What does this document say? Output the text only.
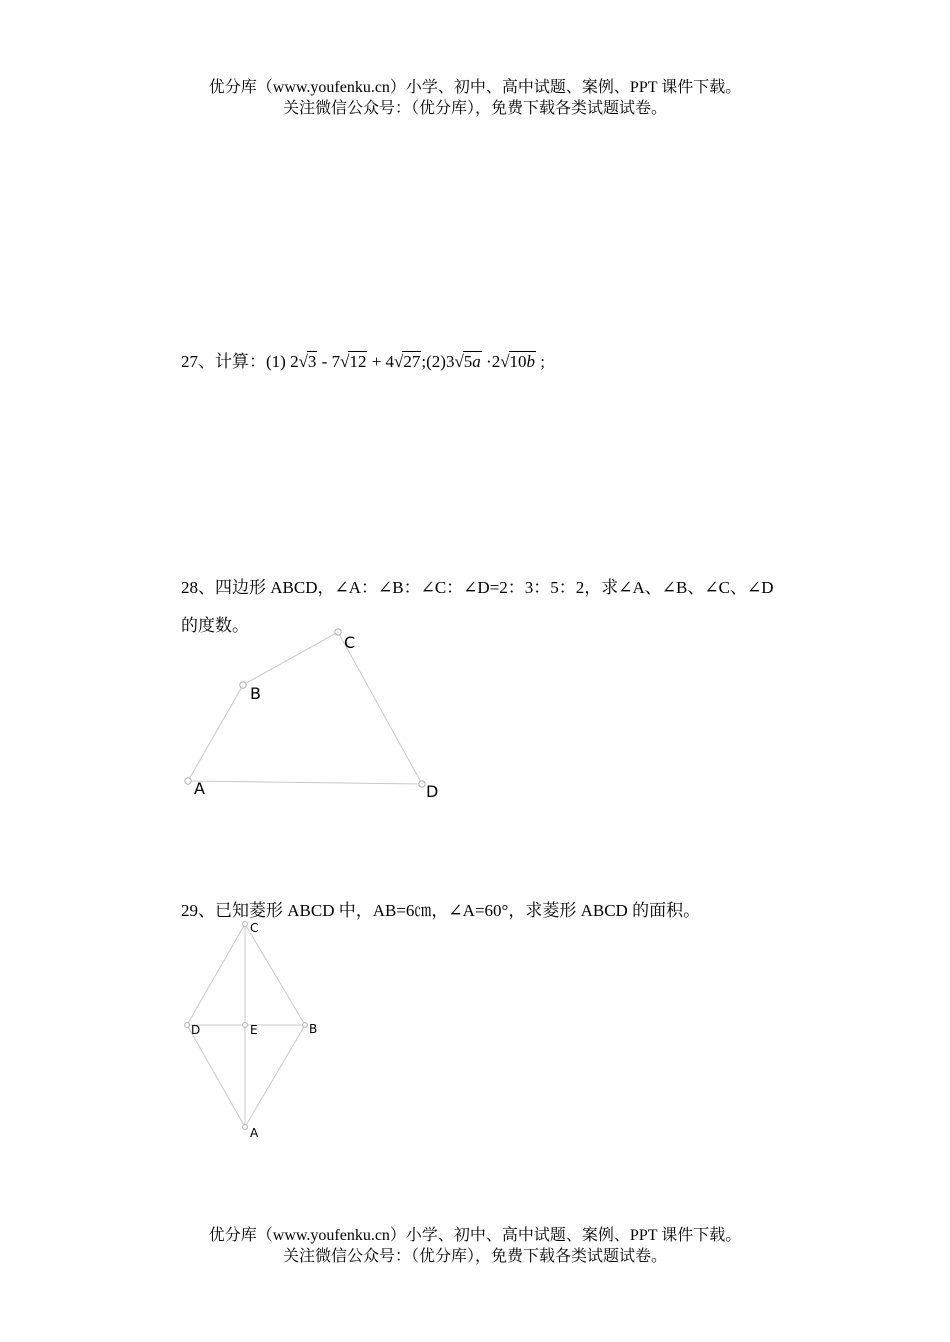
优分库（www.youfenku.cn）小学、初中、高中试题、案例、PPT 课件下载。
关注微信公众号：（优分库），免费下载各类试题试卷。
27、计算：(1) 2√3 - 7√12 + 4√27;(2)3√5a ·2√10b ;
28、四边形 ABCD，∠A：∠B：∠C：∠D=2：3：5：2，求∠A、∠B、∠C、∠D
的度数。
A
B
C
D
29、已知菱形 ABCD 中，AB=6㎝，∠A=60°，求菱形 ABCD 的面积。
C
B
A
D	E
优分库（www.youfenku.cn）小学、初中、高中试题、案例、PPT 课件下载。
关注微信公众号：（优分库），免费下载各类试题试卷。
